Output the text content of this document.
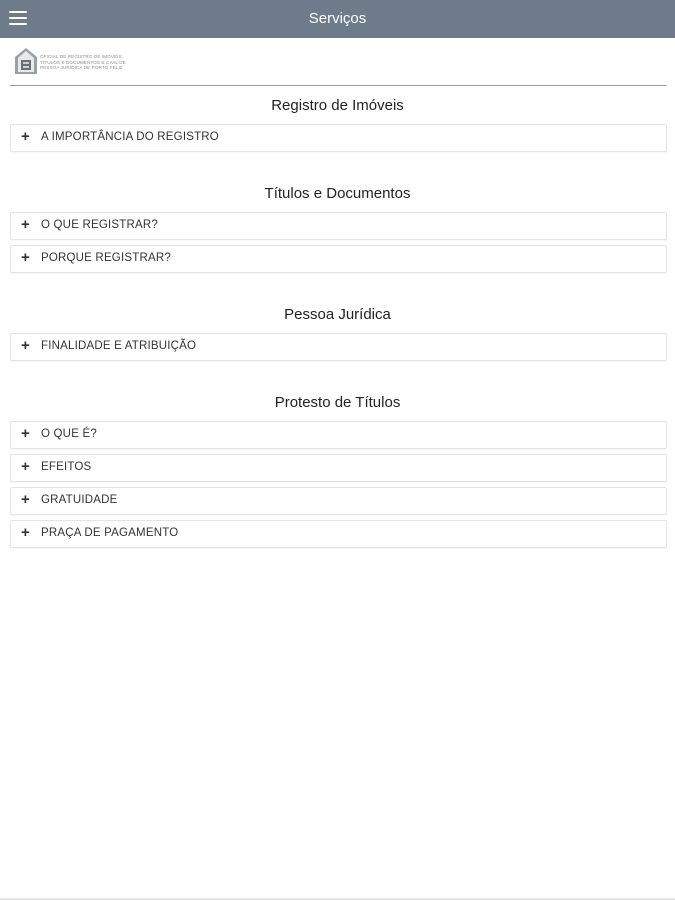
Serviços
OFICIAL DE REGISTRO DE IMÓVEIS,
TÍTULOS E DOCUMENTOS E CIVIL DE
PESSOA JURÍDICA DE PORTO FELIZ
Registro de Imóveis
+ A IMPORTÂNCIA DO REGISTRO
Títulos e Documentos
+ O QUE REGISTRAR?
+ PORQUE REGISTRAR?
Pessoa Jurídica
+ FINALIDADE E ATRIBUIÇÃO
Protesto de Títulos
+ O QUE É?
+ EFEITOS
+ GRATUIDADE
+ PRAÇA DE PAGAMENTO
